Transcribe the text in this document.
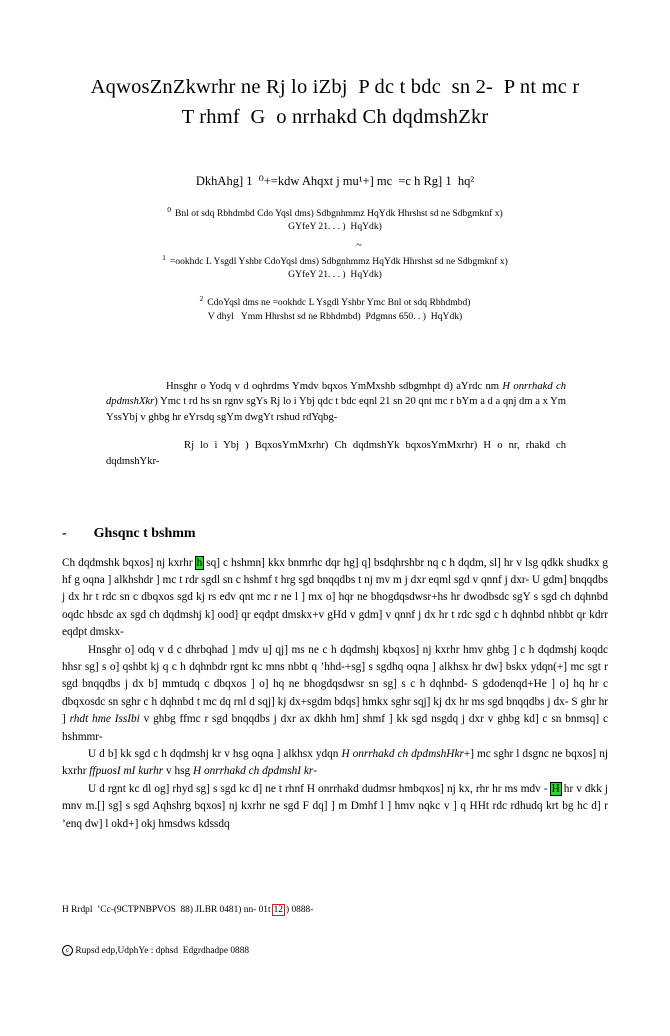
AqwosZnZkwrhr ne Rj lo iZbj  P dc t bdc  sn 2-  P nt mc r
T rhmf  G  o nrrhakd Ch dqdmshZkr
DkhAhg] 1  ⁰+=kdw Ahqxt j mu¹+] mc  =c h Rg] 1  hq²
$^0$ Bnl ot sdq Rbhdmbd Cdo Yqsl dms) Sdbgnhmmz HqYdk Hhrshst sd ne Sdbgmknf x)
GYfeY 21. . . )  HqYdk)
~
$^1$ =ookhdc L Ysgdl Yshbr CdoYqsl dms) Sdbgnhmmz HqYdk Hhrshst sd ne Sdbgmknf x)
GYfeY 21. . . )  HqYdk)
$^2$ CdoYqsl dms ne =ookhdc L Ysgdl Yshbr Ymc Bnl ot sdq Rbhdmbd)
V dhyl   Ymm Hhrshst sd ne Rbhdmbd)  Pdgmns 650. . )  HqYdk)

Hnsghr o Yodq v d oqhrdms Ymdv bqxos YmMxshb sdbgmhpt d) aYrdc nm H onrrhakd ch dpdmshXkr) Ymc t rd hs sn rgnv sgYs Rj lo i Ybj qdc t bdc eqnl 21 sn 20 qnt mc r bYm a d a qnj dm a x Ym YssYbj v ghbg hr eYrsdq sgYm dwgYt rshud rdYqbg-

Rj lo i Ybj ) BqxosYmMxrhr) Ch dqdmshYk bqxosYmMxrhr) H o nr, rhakd ch dqdmshYkr-

- Ghsqnc t bshmm

Ch dqdmshk bqxos] nj kxrhr h sq] c hshmn] kkx bnmrhc dqr hg] q] bsdqhrshbr nq c h dqdm, sl] hr v lsg qdkk shudkx g hf g oqna ] alkhshdr ] mc t rdr sgdl sn c hshmf t hrg sgd bnqqdbs t nj mv m j dxr eqml sgd v qnnf j dxr- U gdm] bnqqdbs j dx hr t rdc sn c dbqxos sgd kj rs edv qnt mc r ne l ] mx o] hqr ne bhogdqsdwsr+hs hr dwodbsdc sgY s sgd ch dqhnbd oqdc hbsdc ax sgd ch dqdmshj k] ood] qr eqdpt dmskx+v gHd v gdm] v qnnf j dx hr t rdc sgd c h dqhnbd nhbbt qr kdrr eqdpt dmskx-

Hnsghr o] odq v d c dhrbqhad ] mdv u] qj] ms ne c h dqdmshj kbqxos] nj kxrhr hmv ghbg ] c h dqdmshj koqdc hhsr sg] s o] qshbt kj q c h dqhnbdr rgnt kc mns nbbt q ’hhd-+sg] s sgdhq oqna ] alkhsx hr dw] bskx ydqn(+] mc sgt r sgd bnqqdbs j dx b] mmtudq c dbqxos ] o] hq ne bhogdqsdwsr sn sg] s c h dqhnbd- S gdodenqd+He ] o] hq hr c dbqxosdc sn sghr c h dqhnbd t mc dq rnl d sqj] kj dx+sgdm bdqs] hmkx sghr sqj] kj dx hr ms sgd bnqqdbs j dx- S ghr hr ] rhdt hme IssIbi v ghbg ffmc r sgd bnqqdbs j dxr ax dkhh hm] shmf ] kk sgd nsgdq j dxr v ghbg kd] c sn bnmsq] c hshmmr-

U d b] kk sgd c h dqdmshj kr v hsg oqna ] alkhsx ydqn H onrrhakd ch dpdmshHkr+] mc sghr l dsgnc ne bqxos] nj kxrhr ffpuosI mI kurhr v hsg H onrrhakd ch dpdmshI kr-

U d rgnt kc dl og] rhyd sg] s sgd kc d] ne t rhnf H onrrhakd dudmsr hmbqxos] nj kx, rhr hr ms mdv - H hr v dkk j mnv m.[] sg] s sgd Aqhshrg bqxos] nj kxrhr ne sgd F dq] ] m Dmhf l ] hmv nqkc v ] q HHt rdc rdhudq krt bg hc d] r ’enq dw] l okd+] okj hmsdws kdssdq

H Rrdpl  ’Cc-(9CTPNBPVOS  88) JLBR 0481) nn- 01t 12 ) 0888-

c Rupsd edp,UdphYe : dphsd  Edgrdhadpe 0888
